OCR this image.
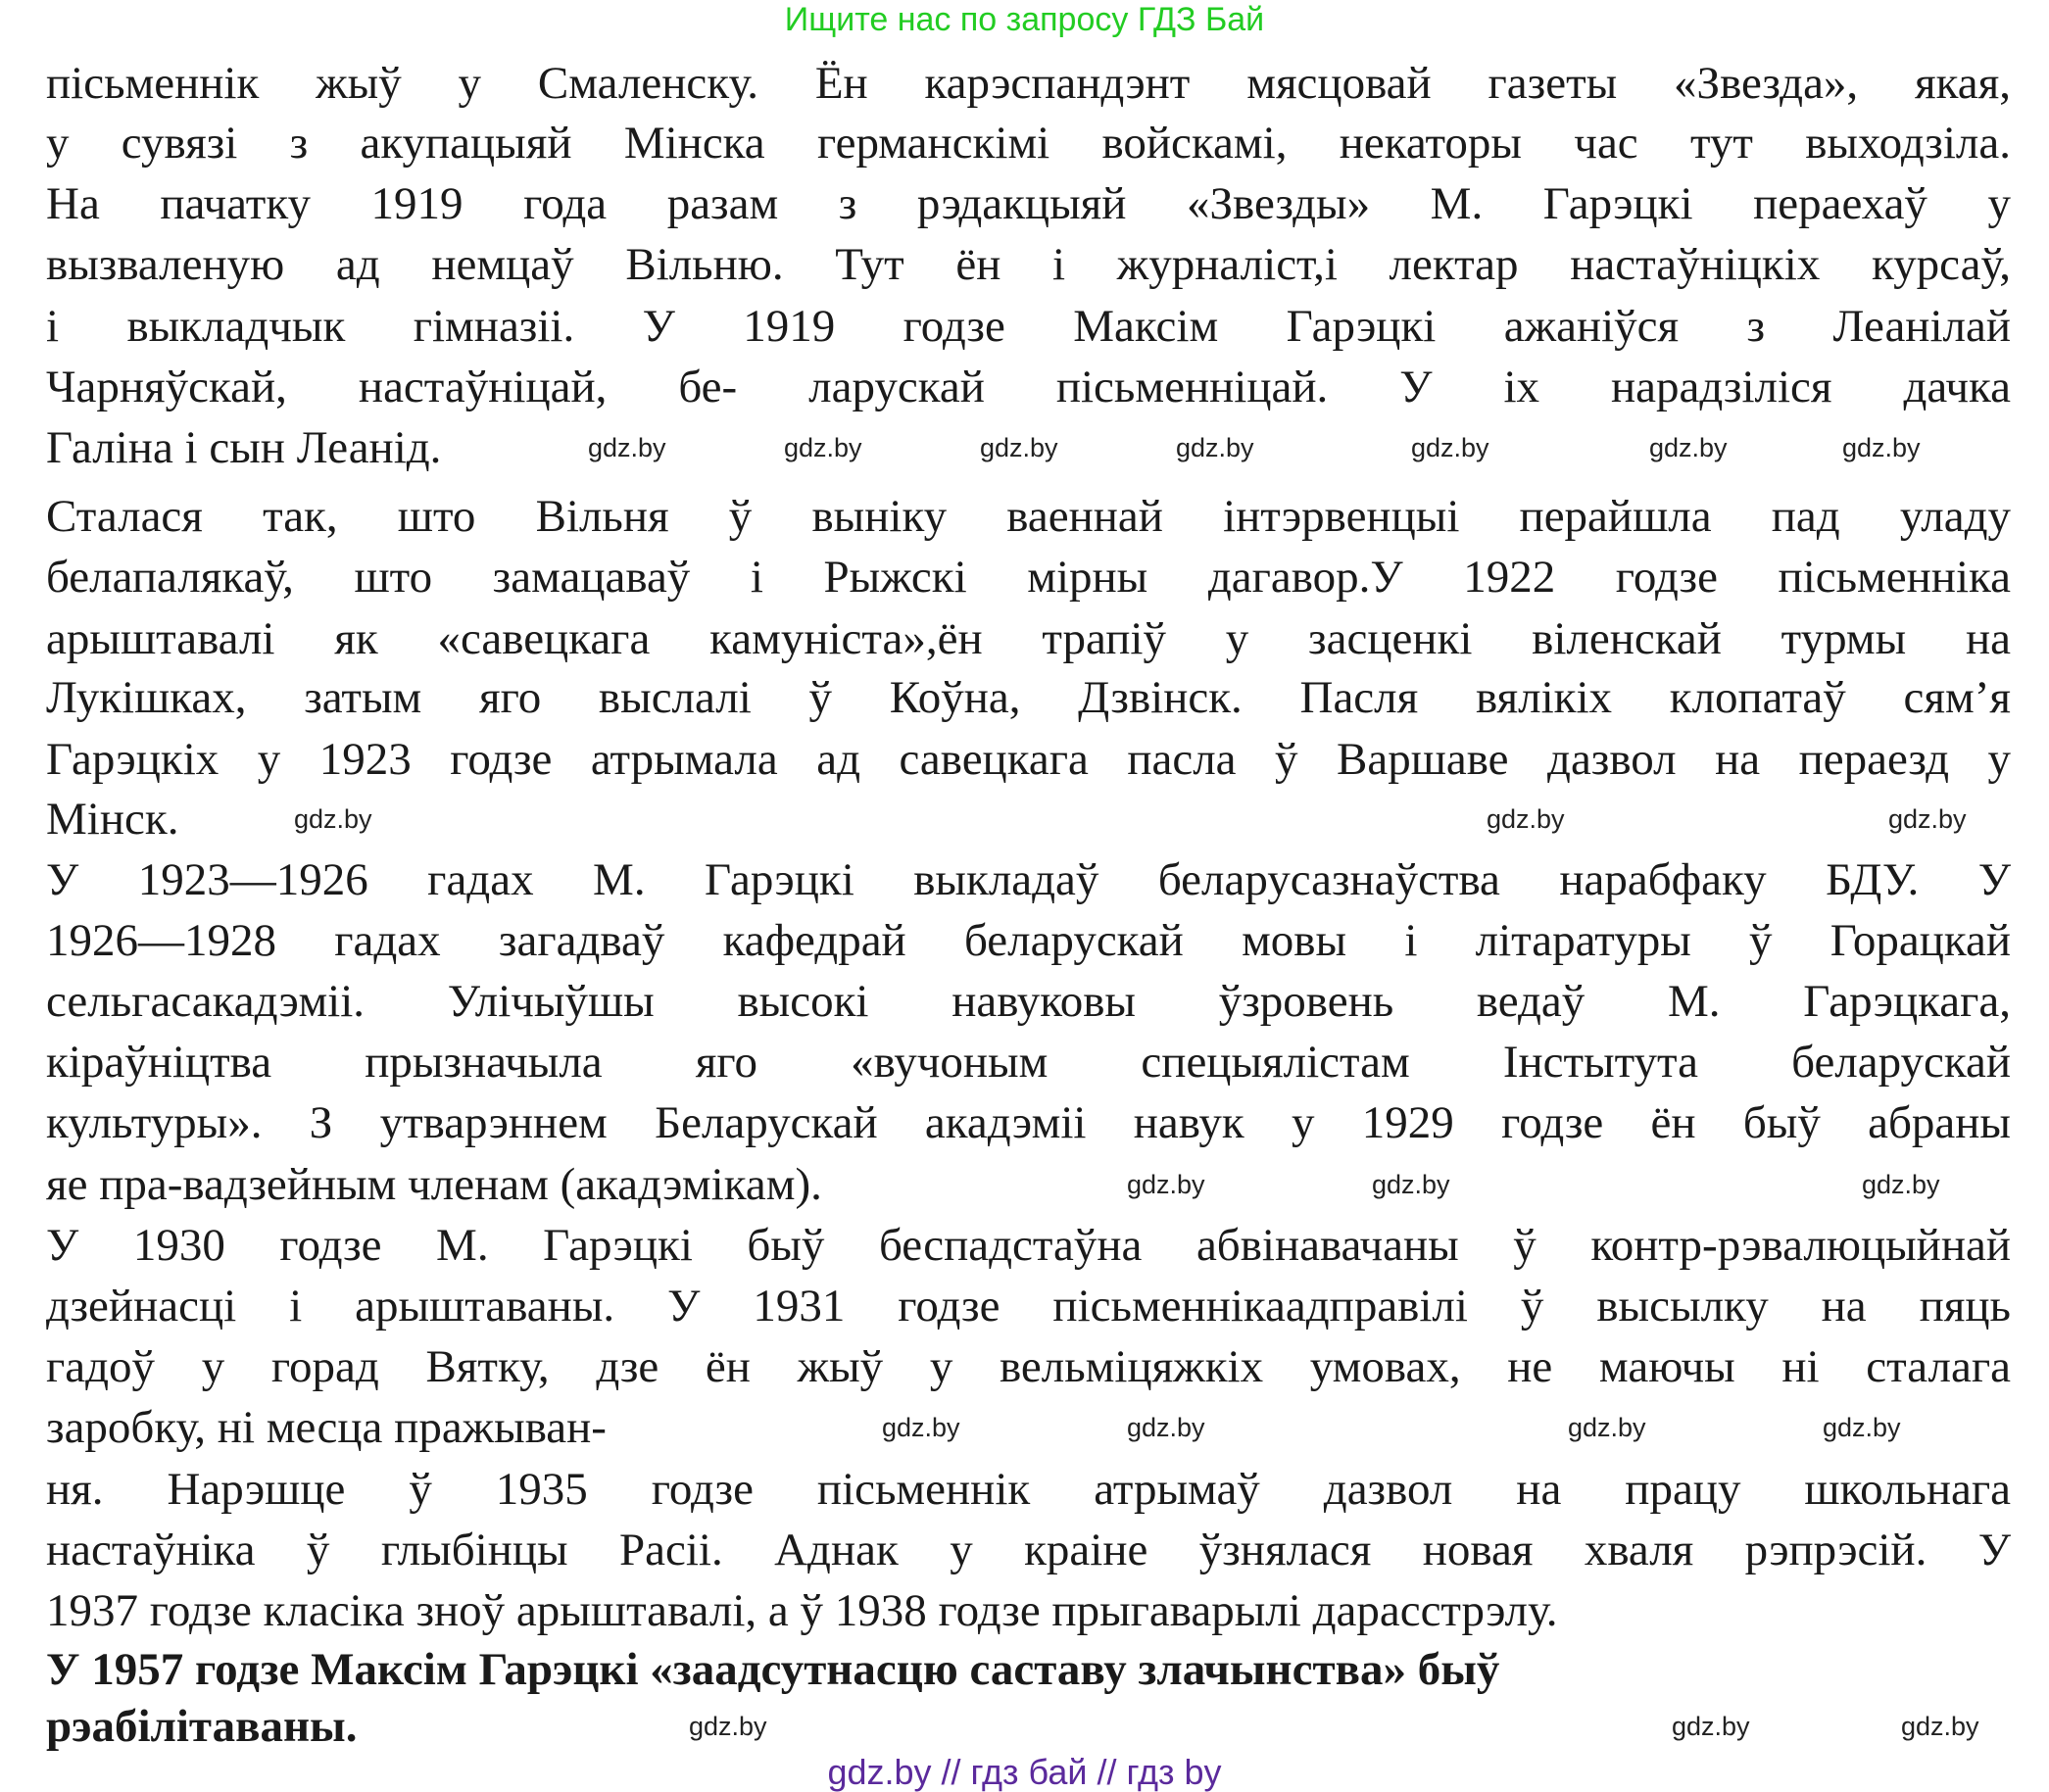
Ищите нас по запросу ГДЗ Бай
пісьменнік жыў у Смаленску. Ён карэспандэнт мясцовай газеты «Звезда», якая,
у сувязі з акупацыяй Мінска германскімі войскамі, некаторы час тут выходзіла.
На пачатку 1919 года разам з рэдакцыяй «Звезды» М. Гарэцкі пераехаў у
вызваленую ад немцаў Вільню. Тут ён і журналіст,і лектар настаўніцкіх курсаў,
і выкладчык гімназіі. У 1919 годзе Максім Гарэцкі ажаніўся з Леанілай
Чарняўскай, настаўніцай, бе- ларускай пісьменніцай. У іх нарадзіліся дачка
Галіна і сын Леанід.
Сталася так, што Вільня ў выніку ваеннай інтэрвенцыі перайшла пад уладу
белапалякаў, што замацаваў і Рыжскі мірны дагавор.У 1922 годзе пісьменніка
арыштавалі як «савецкага камуніста»,ён трапіў у засценкі віленскай турмы на
Лукішках, затым яго выслалі ў Коўна, Дзвінск. Пасля вялікіх клопатаў сям’я
Гарэцкіх у 1923 годзе атрымала ад савецкага пасла ў Варшаве дазвол на пераезд у
Мінск.
У 1923—1926 гадах М. Гарэцкі выкладаў беларусазнаўства нарабфаку БДУ. У
1926—1928 гадах загадваў кафедрай беларускай мовы і літаратуры ў Горацкай
сельгасакадэміі. Улічыўшы высокі навуковы ўзровень ведаў М. Гарэцкага,
кіраўніцтва прызначыла яго «вучоным спецыялістам Інстытута беларускай
культуры». З утварэннем Беларускай акадэміі навук у 1929 годзе ён быў абраны
яе пра-вадзейным членам (акадэмікам).
У 1930 годзе М. Гарэцкі быў беспадстаўна абвінавачаны ў контр-рэвалюцыйнай
дзейнасці і арыштаваны. У 1931 годзе пісьменнікаадправілі ў высылку на пяць
гадоў у горад Вятку, дзе ён жыў у вельміцяжкіх умовах, не маючы ні сталага
заробку, ні месца пражыван-
ня. Нарэшце ў 1935 годзе пісьменнік атрымаў дазвол на працу школьнага
настаўніка ў глыбінцы Расіі. Аднак у краіне ўзнялася новая хваля рэпрэсій. У
1937 годзе класіка зноў арыштавалі, а ў 1938 годзе прыгаварылі дарасстрэлу.
У 1957 годзе Максім Гарэцкі «заадсутнасцю саставу злачынства» быў
рэабілітаваны.
gdz.by
gdz.by	gdz.by	gdz.by	gdz.by
gdz.by	gdz.by
gdz.by
gdz.by	gdz.by
gdz.by	gdz.by	gdz.by
gdz.by	gdz.by
gdz.by	gdz.by
gdz.by
gdz.by
gdz.by
gdz.by // гдз бай // гдз by
